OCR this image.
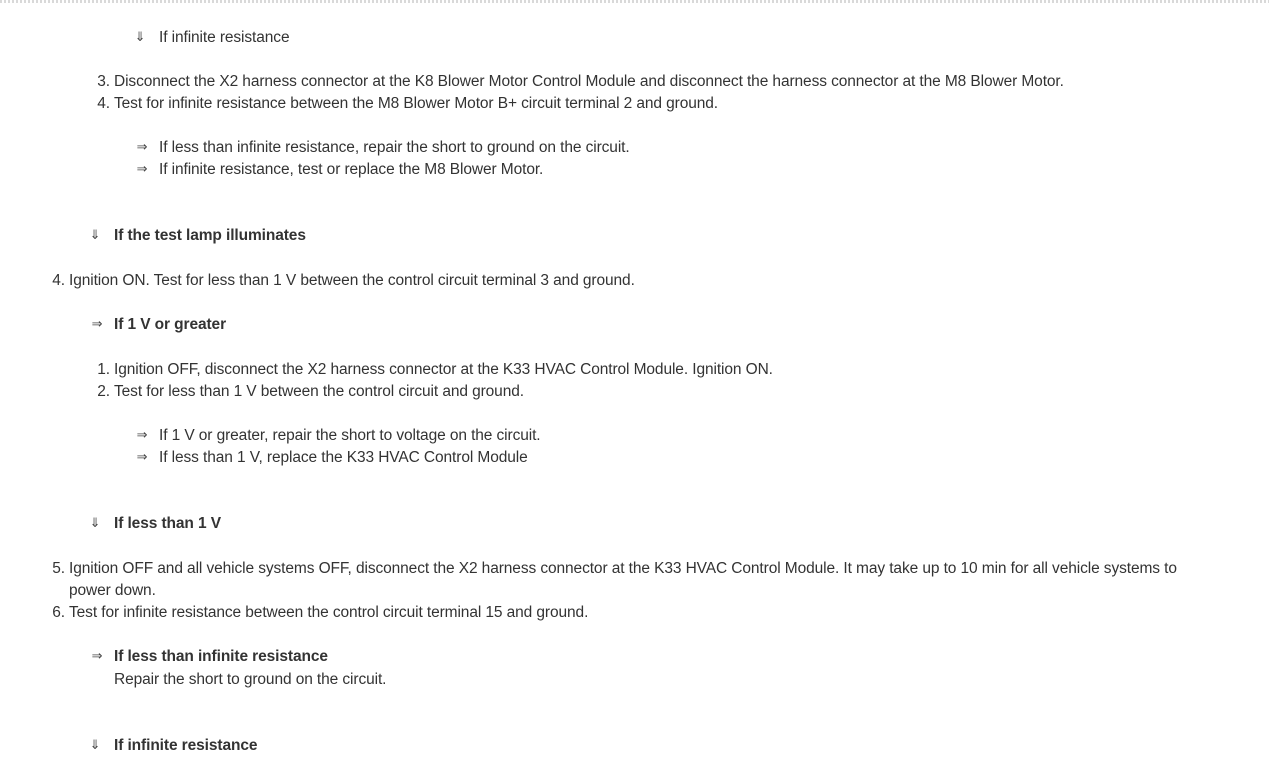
⇓ If infinite resistance
3. Disconnect the X2 harness connector at the K8 Blower Motor Control Module and disconnect the harness connector at the M8 Blower Motor.
4. Test for infinite resistance between the M8 Blower Motor B+ circuit terminal 2 and ground.
⇒ If less than infinite resistance, repair the short to ground on the circuit.
⇒ If infinite resistance, test or replace the M8 Blower Motor.
⇓ If the test lamp illuminates
4. Ignition ON. Test for less than 1 V between the control circuit terminal 3 and ground.
⇒ If 1 V or greater
1. Ignition OFF, disconnect the X2 harness connector at the K33 HVAC Control Module. Ignition ON.
2. Test for less than 1 V between the control circuit and ground.
⇒ If 1 V or greater, repair the short to voltage on the circuit.
⇒ If less than 1 V, replace the K33 HVAC Control Module
⇓ If less than 1 V
5. Ignition OFF and all vehicle systems OFF, disconnect the X2 harness connector at the K33 HVAC Control Module. It may take up to 10 min for all vehicle systems to
power down.
6. Test for infinite resistance between the control circuit terminal 15 and ground.
⇒ If less than infinite resistance
Repair the short to ground on the circuit.
⇓ If infinite resistance
